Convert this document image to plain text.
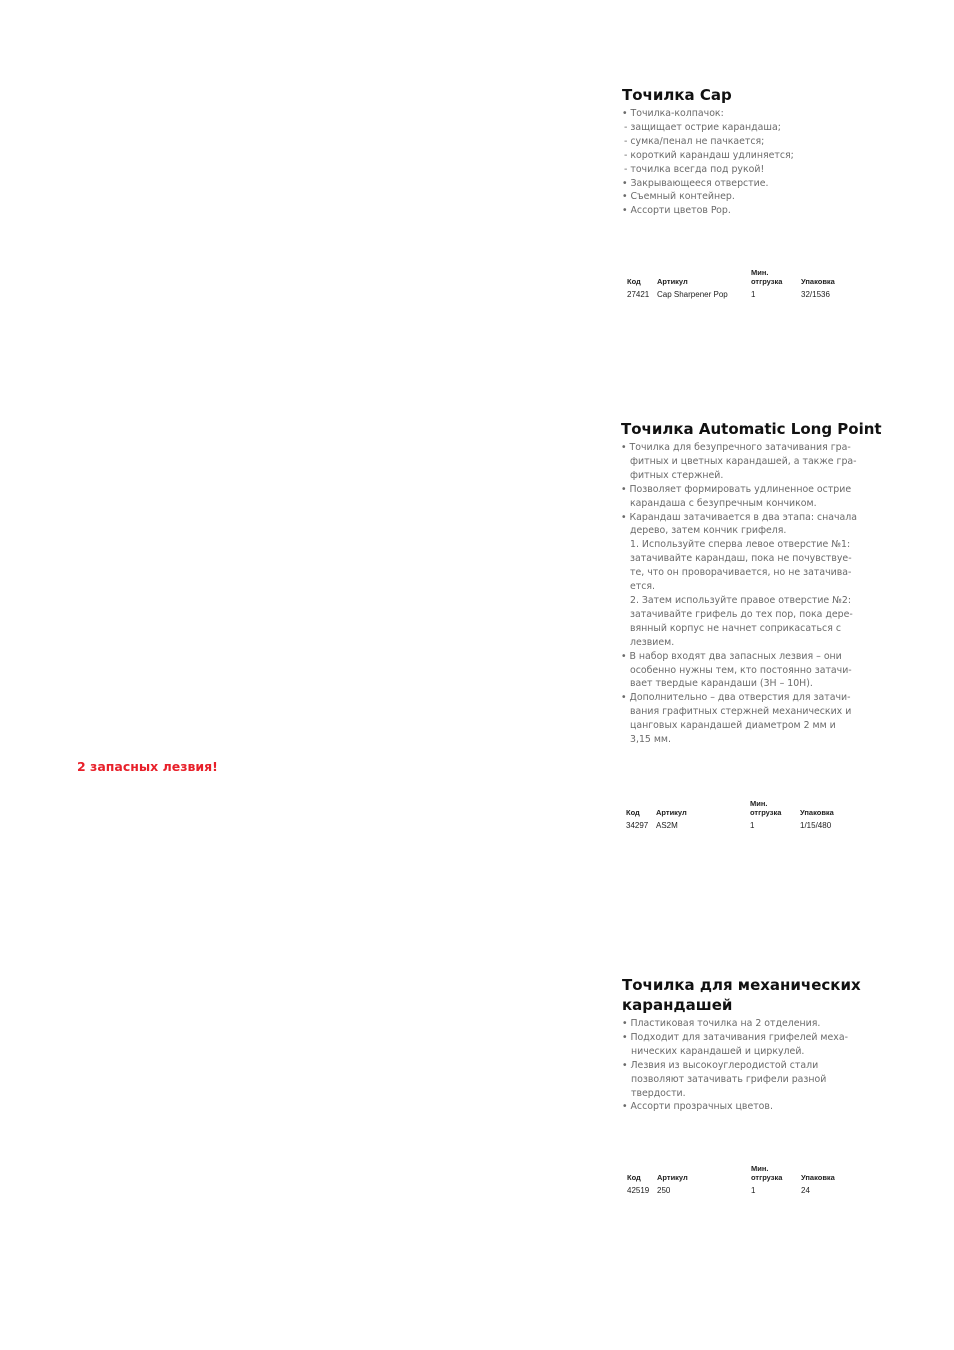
Точилка Cap
• Точилка-колпачок:
- защищает острие карандаша;
- сумка/пенал не пачкается;
- короткий карандаш удлиняется;
- точилка всегда под рукой!
• Закрывающееся отверстие.
• Съемный контейнер.
• Ассорти цветов Pop.
Код	Артикул	Мин.
отгрузка	Упаковка
27421	Cap Sharpener Pop	1	32/1536
Точилка Automatic Long Point
• Точилка для безупречного затачивания гра-
фитных и цветных карандашей, а также гра-
фитных стержней.
• Позволяет формировать удлиненное острие
карандаша с безупречным кончиком.
• Карандаш затачивается в два этапа: сначала
дерево, затем кончик грифеля.
1. Используйте сперва левое отверстие №1:
затачивайте карандаш, пока не почувствуе-
те, что он проворачивается, но не затачива-
ется.
2. Затем используйте правое отверстие №2:
затачивайте грифель до тех пор, пока дере-
вянный корпус не начнет соприкасаться с
лезвием.
• В набор входят два запасных лезвия – они
особенно нужны тем, кто постоянно затачи-
вает твердые карандаши (3H – 10H).
• Дополнительно – два отверстия для затачи-
вания графитных стержней механических и
цанговых карандашей диаметром 2 мм и
3,15 мм.
2 запасных лезвия!
Код	Артикул	Мин.
отгрузка	Упаковка
34297	AS2M	1	1/15/480
Точилка для механических
карандашей
• Пластиковая точилка на 2 отделения.
• Подходит для затачивания грифелей меха-
нических карандашей и циркулей.
• Лезвия из высокоуглеродистой стали
позволяют затачивать грифели разной
твердости.
• Ассорти прозрачных цветов.
Код	Артикул	Мин.
отгрузка	Упаковка
42519	250	1	24
